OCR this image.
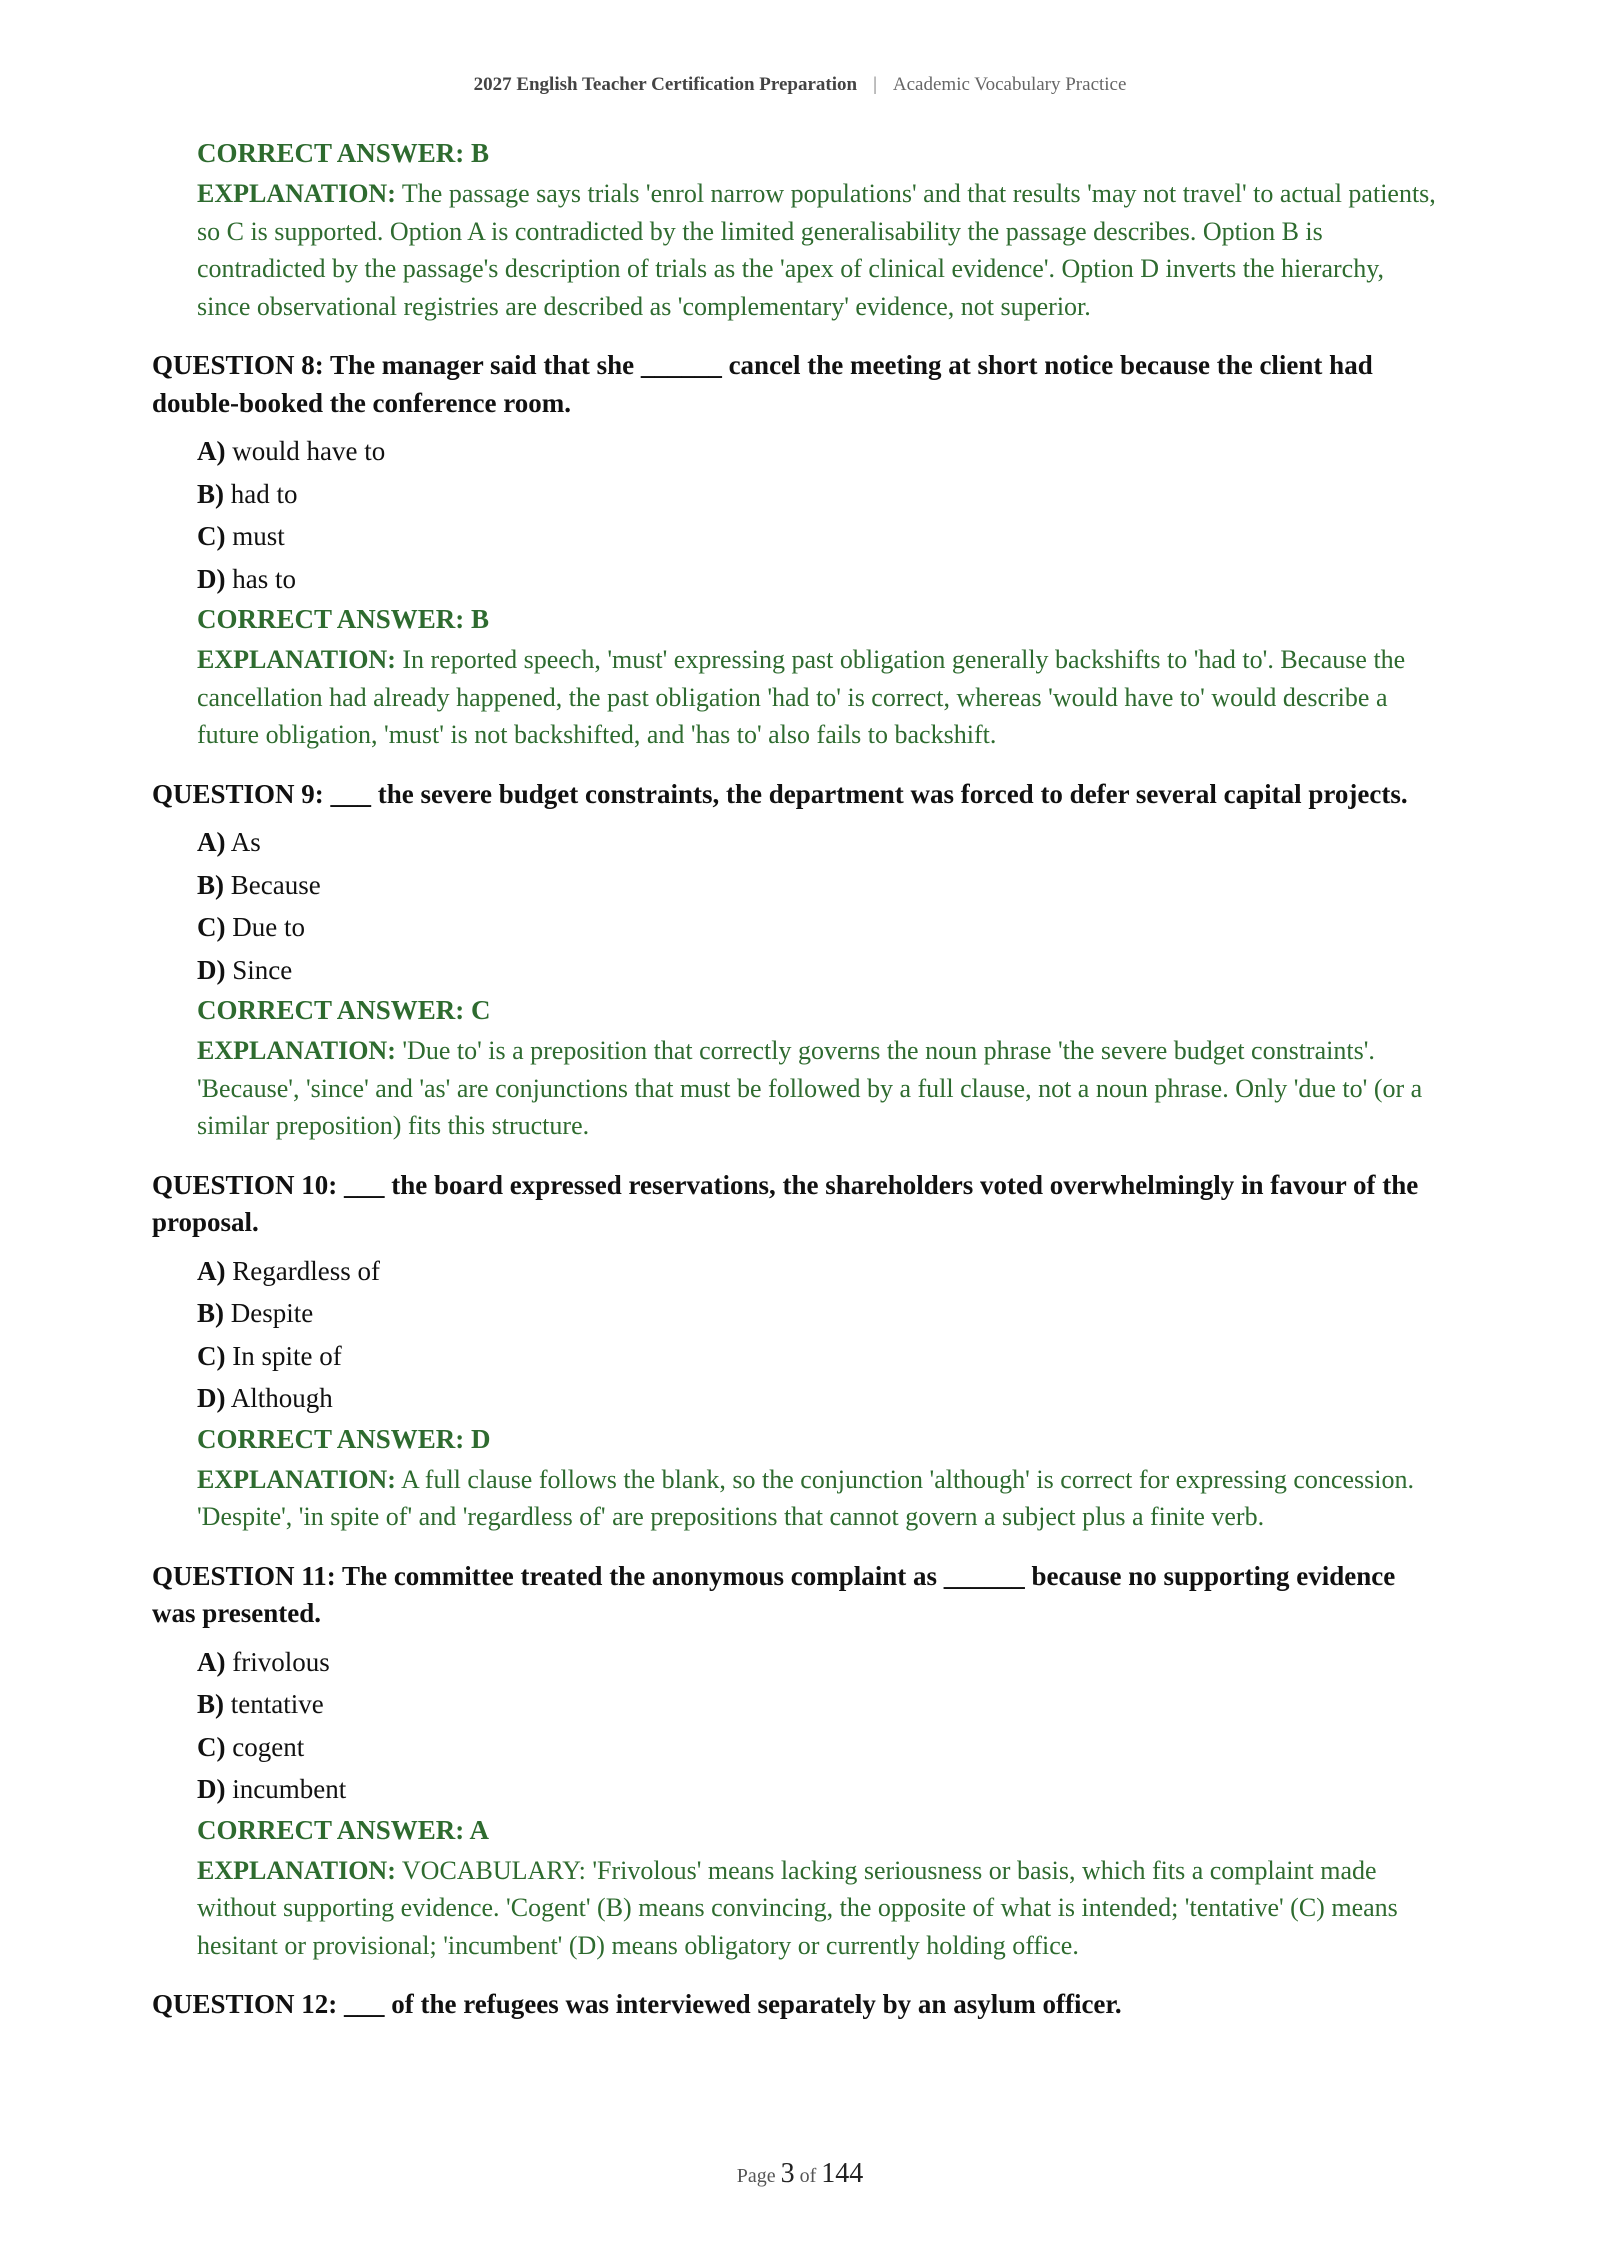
2027 English Teacher Certification Preparation | Academic Vocabulary Practice
CORRECT ANSWER: B
EXPLANATION: The passage says trials 'enrol narrow populations' and that results 'may not travel' to actual patients, so C is supported. Option A is contradicted by the limited generalisability the passage describes. Option B is contradicted by the passage's description of trials as the 'apex of clinical evidence'. Option D inverts the hierarchy, since observational registries are described as 'complementary' evidence, not superior.
QUESTION 8: The manager said that she ______ cancel the meeting at short notice because the client had double-booked the conference room.
A) would have to
B) had to
C) must
D) has to
CORRECT ANSWER: B
EXPLANATION: In reported speech, 'must' expressing past obligation generally backshifts to 'had to'. Because the cancellation had already happened, the past obligation 'had to' is correct, whereas 'would have to' would describe a future obligation, 'must' is not backshifted, and 'has to' also fails to backshift.
QUESTION 9: ___ the severe budget constraints, the department was forced to defer several capital projects.
A) As
B) Because
C) Due to
D) Since
CORRECT ANSWER: C
EXPLANATION: 'Due to' is a preposition that correctly governs the noun phrase 'the severe budget constraints'. 'Because', 'since' and 'as' are conjunctions that must be followed by a full clause, not a noun phrase. Only 'due to' (or a similar preposition) fits this structure.
QUESTION 10: ___ the board expressed reservations, the shareholders voted overwhelmingly in favour of the proposal.
A) Regardless of
B) Despite
C) In spite of
D) Although
CORRECT ANSWER: D
EXPLANATION: A full clause follows the blank, so the conjunction 'although' is correct for expressing concession. 'Despite', 'in spite of' and 'regardless of' are prepositions that cannot govern a subject plus a finite verb.
QUESTION 11: The committee treated the anonymous complaint as ______ because no supporting evidence was presented.
A) frivolous
B) tentative
C) cogent
D) incumbent
CORRECT ANSWER: A
EXPLANATION: VOCABULARY: 'Frivolous' means lacking seriousness or basis, which fits a complaint made without supporting evidence. 'Cogent' (B) means convincing, the opposite of what is intended; 'tentative' (C) means hesitant or provisional; 'incumbent' (D) means obligatory or currently holding office.
QUESTION 12: ___ of the refugees was interviewed separately by an asylum officer.
Page 3 of 144
